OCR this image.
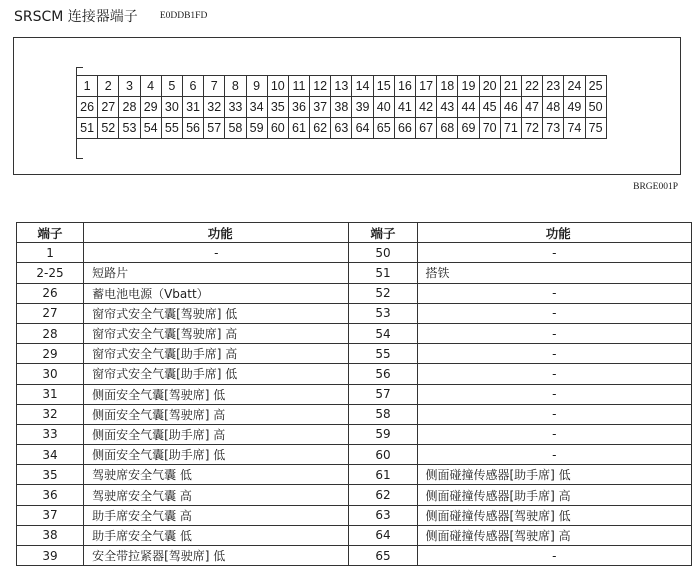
SRSCM 连接器端子 $^{E0DDB1FD}$
1	2	3	4	5	6	7	8	9	10	11	12	13	14	15	16	17	18	19	20	21	22	23	24	25
26	27	28	29	30	31	32	33	34	35	36	37	38	39	40	41	42	43	44	45	46	47	48	49	50
51	52	53	54	55	56	57	58	59	60	61	62	63	64	65	66	67	68	69	70	71	72	73	74	75
BRGE001P
端子	功能	端子	功能
1	-	50	-
2-25	短路片	51	搭铁
26	蓄电池电源（Vbatt）	52	-
27	窗帘式安全气囊[驾驶席] 低	53	-
28	窗帘式安全气囊[驾驶席] 高	54	-
29	窗帘式安全气囊[助手席] 高	55	-
30	窗帘式安全气囊[助手席] 低	56	-
31	侧面安全气囊[驾驶席] 低	57	-
32	侧面安全气囊[驾驶席] 高	58	-
33	侧面安全气囊[助手席] 高	59	-
34	侧面安全气囊[助手席] 低	60	-
35	驾驶席安全气囊 低	61	侧面碰撞传感器[助手席] 低
36	驾驶席安全气囊 高	62	侧面碰撞传感器[助手席] 高
37	助手席安全气囊 高	63	侧面碰撞传感器[驾驶席] 低
38	助手席安全气囊 低	64	侧面碰撞传感器[驾驶席] 高
39	安全带拉紧器[驾驶席] 低	65	-
